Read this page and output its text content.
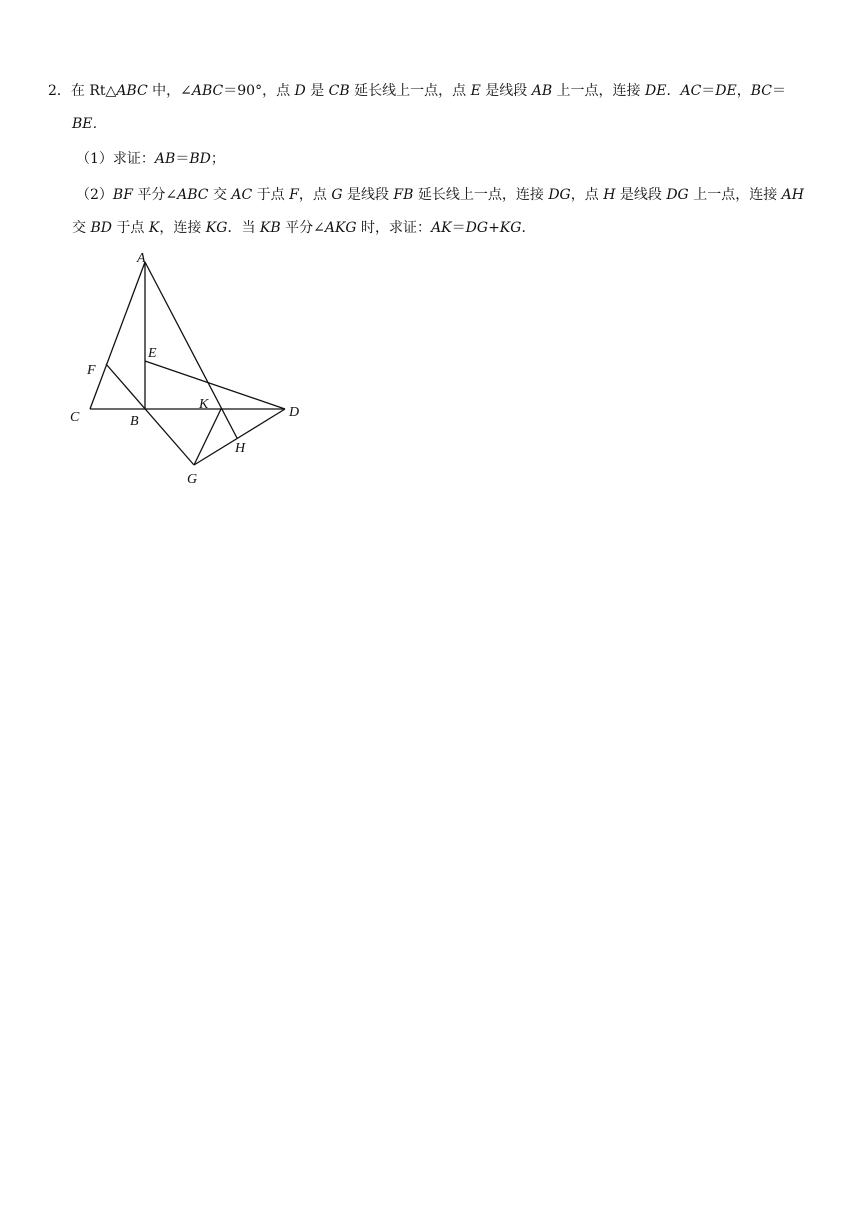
2．在 Rt△ABC 中，∠ABC＝90°，点 D 是 CB 延长线上一点，点 E 是线段 AB 上一点，连接 DE．AC＝DE，BC＝
BE．
（1）求证：AB＝BD；
（2）BF 平分∠ABC 交 AC 于点 F，点 G 是线段 FB 延长线上一点，连接 DG，点 H 是线段 DG 上一点，连接 AH
交 BD 于点 K，连接 KG．当 KB 平分∠AKG 时，求证：AK＝DG+KG．
A
E
F
C	B
K
D
H
G
